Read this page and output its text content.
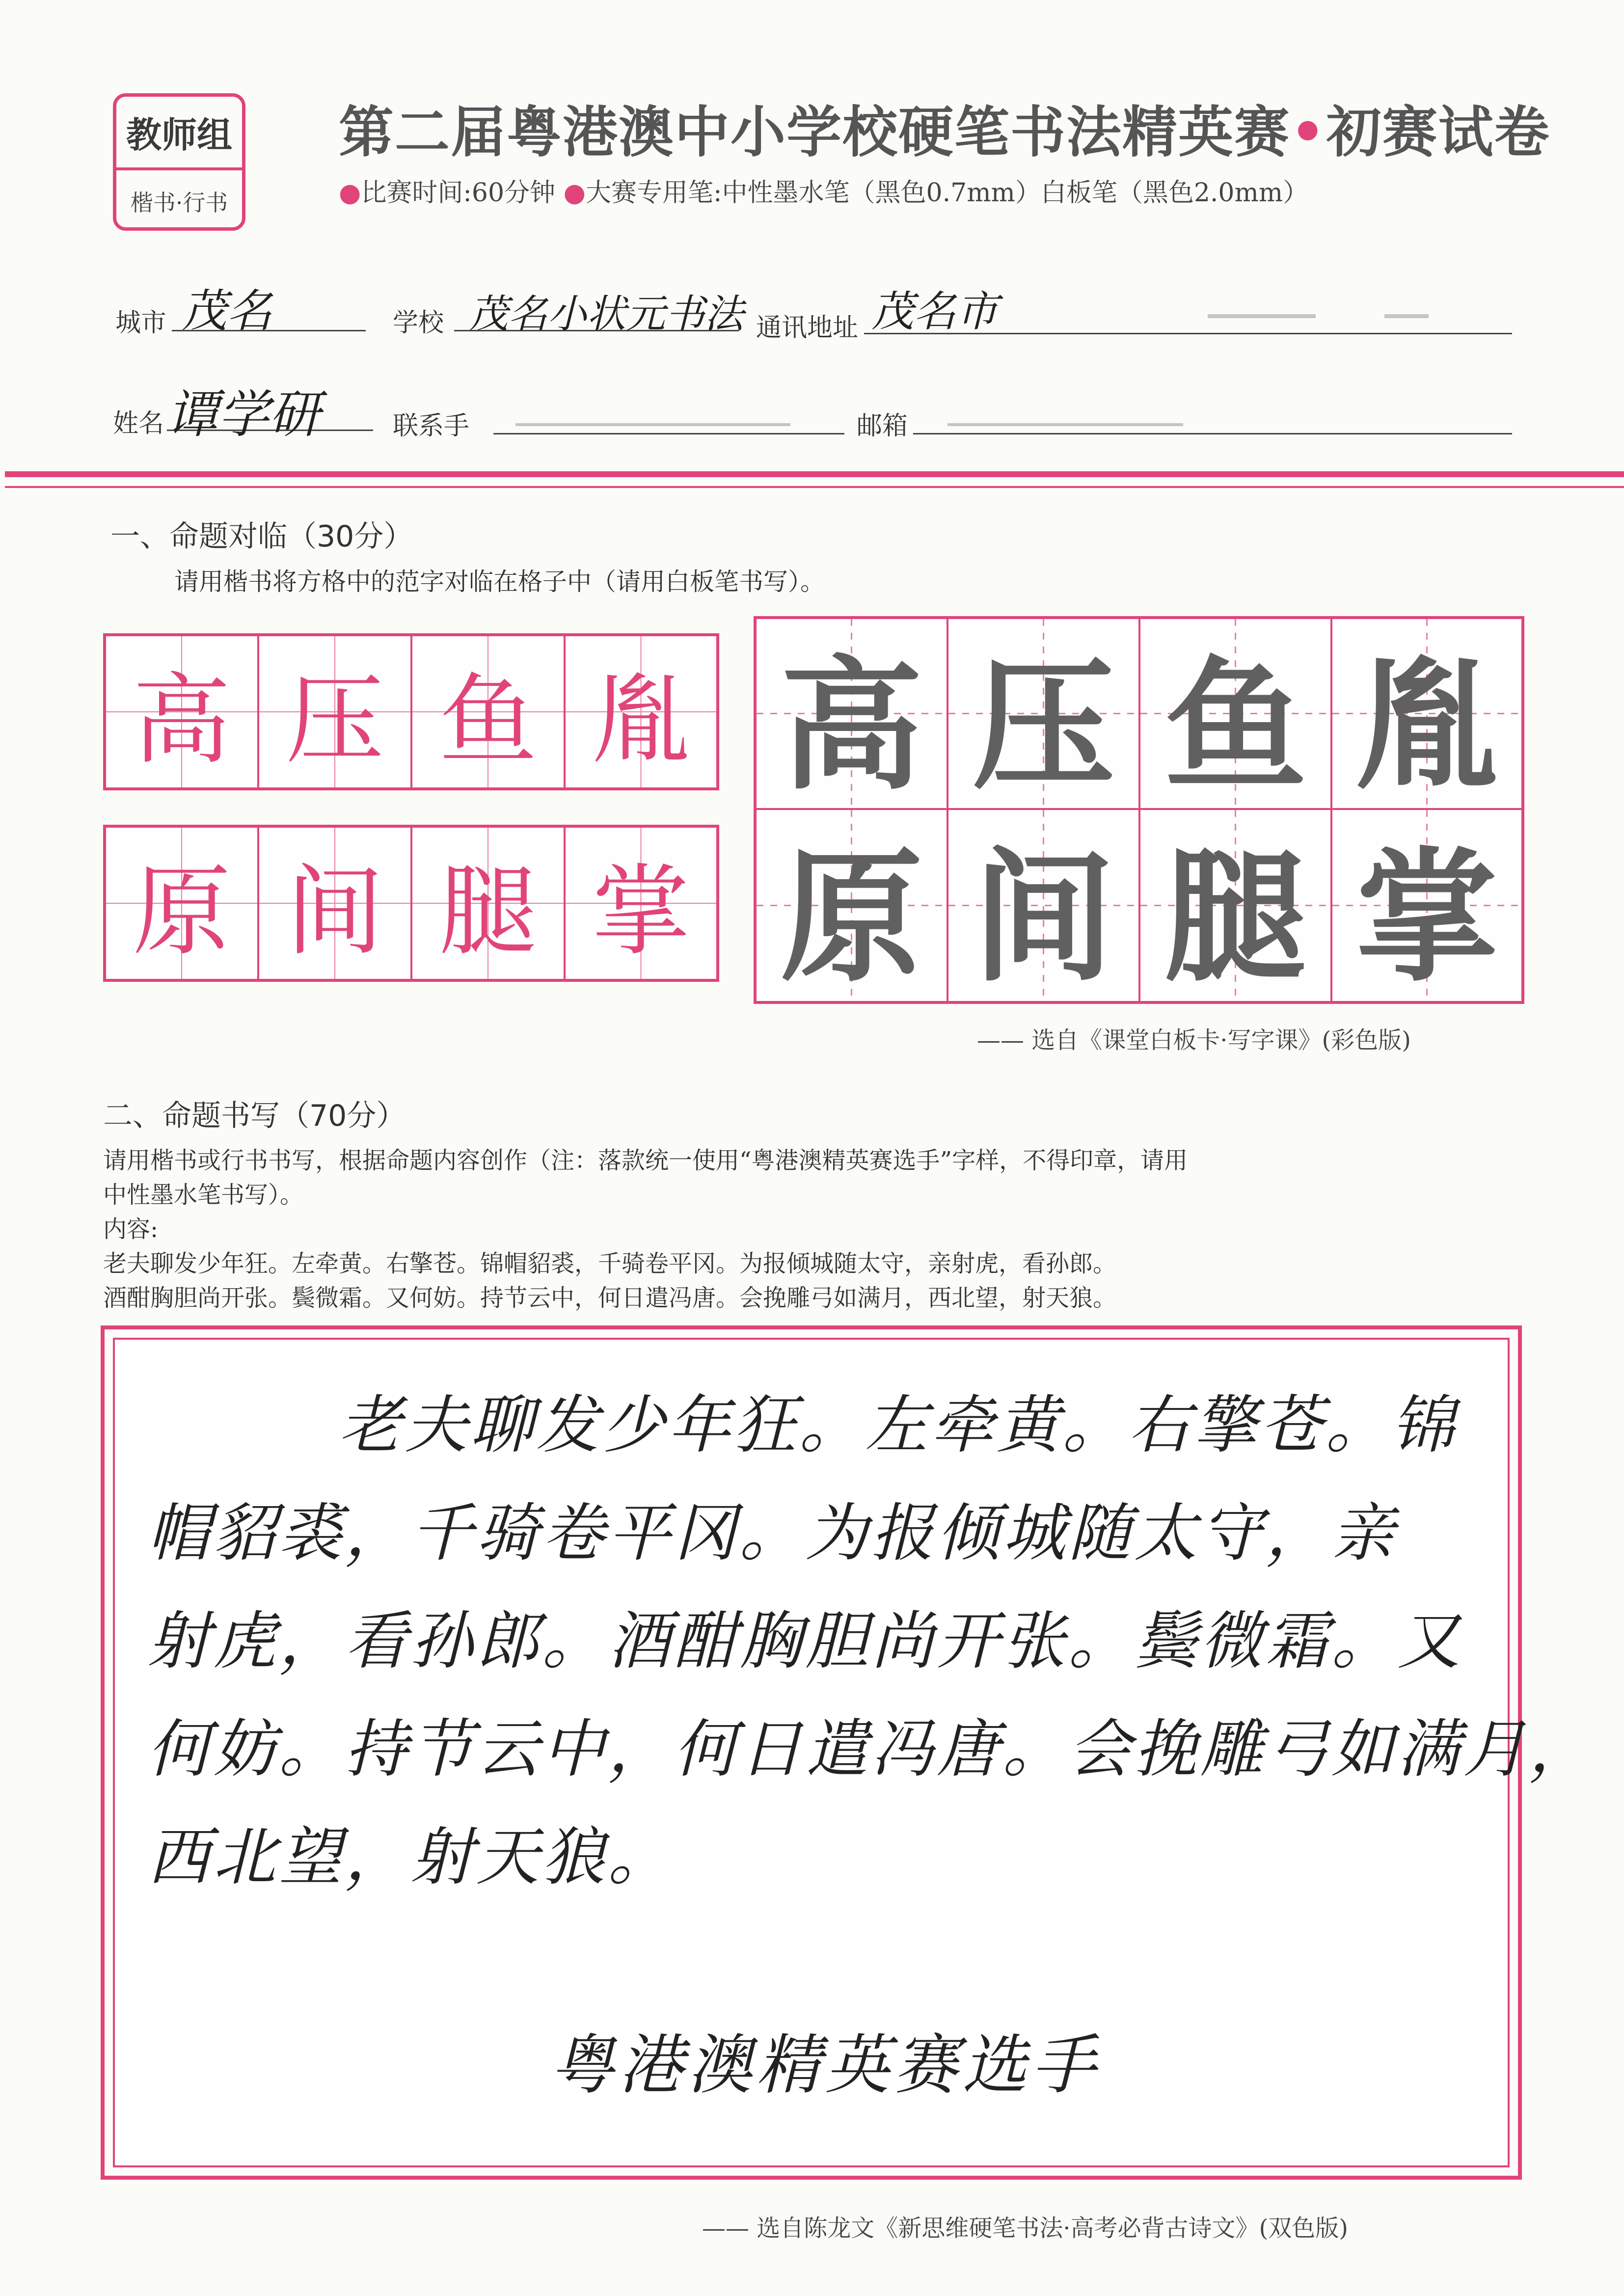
教师组
楷书·行书
第二届粤港澳中小学校硬笔书法精英赛•初赛试卷
●比赛时间:60分钟 ●大赛专用笔:中性墨水笔（黑色0.7mm）白板笔（黑色2.0mm）
城市 茂名	学校 茂名小状元书法 通讯地址 茂名市
姓名 谭学研	联系手	邮箱
一、命题对临（30分）
请用楷书将方格中的范字对临在格子中（请用白板笔书写）。
高 压 鱼 胤
原 间 腿 掌
高 压 鱼 胤
原 间 腿 掌
—— 选自《课堂白板卡·写字课》(彩色版)
二、命题书写（70分）
请用楷书或行书书写，根据命题内容创作（注：落款统一使用“粤港澳精英赛选手”字样，不得印章，请用
中性墨水笔书写）。
内容:
老夫聊发少年狂。左牵黄。右擎苍。锦帽貂裘，千骑卷平冈。为报倾城随太守，亲射虎，看孙郎。
酒酣胸胆尚开张。鬓微霜。又何妨。持节云中，何日遣冯唐。会挽雕弓如满月，西北望，射天狼。
老夫聊发少年狂。左牵黄。右擎苍。锦
帽貂裘，千骑卷平冈。为报倾城随太守，亲
射虎，看孙郎。酒酣胸胆尚开张。鬓微霜。又
何妨。持节云中，何日遣冯唐。会挽雕弓如满月，
西北望，射天狼。
粤港澳精英赛选手
—— 选自陈龙文《新思维硬笔书法·高考必背古诗文》(双色版)
